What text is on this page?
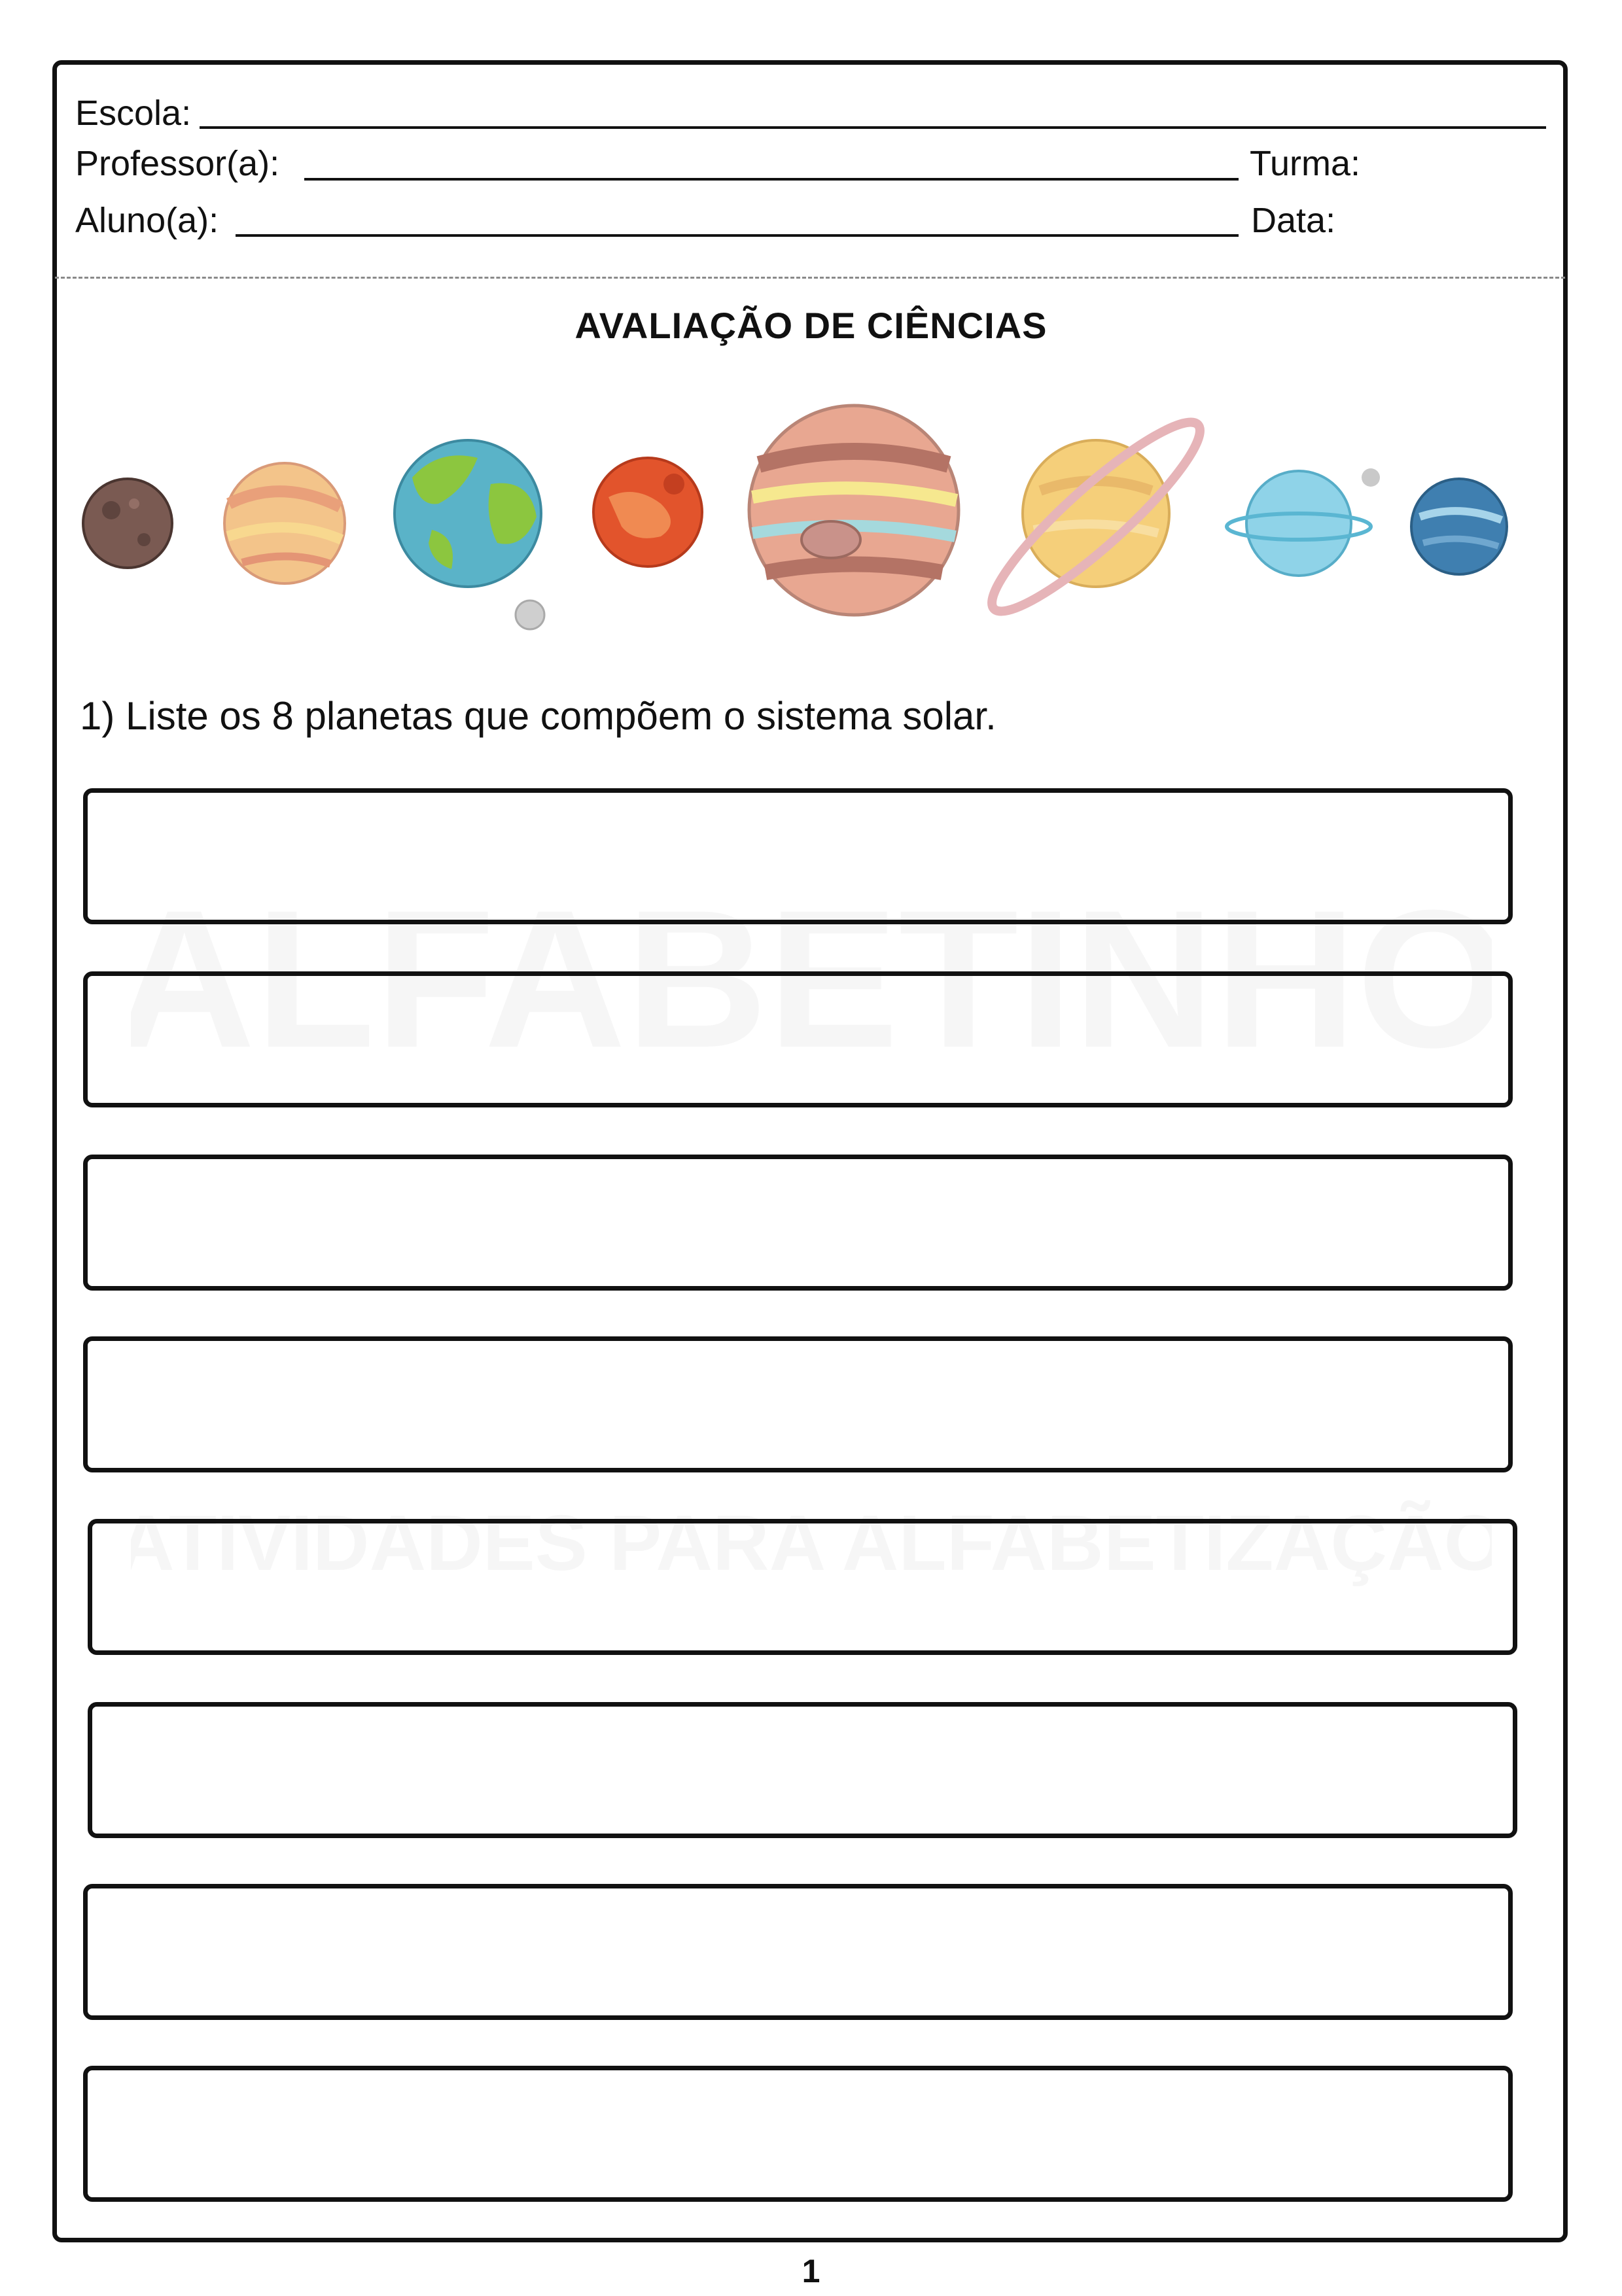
Escola:
Professor(a):	Turma:
Aluno(a):	Data:
AVALIAÇÃO DE CIÊNCIAS
1) Liste os 8 planetas que compõem o sistema solar.
1
